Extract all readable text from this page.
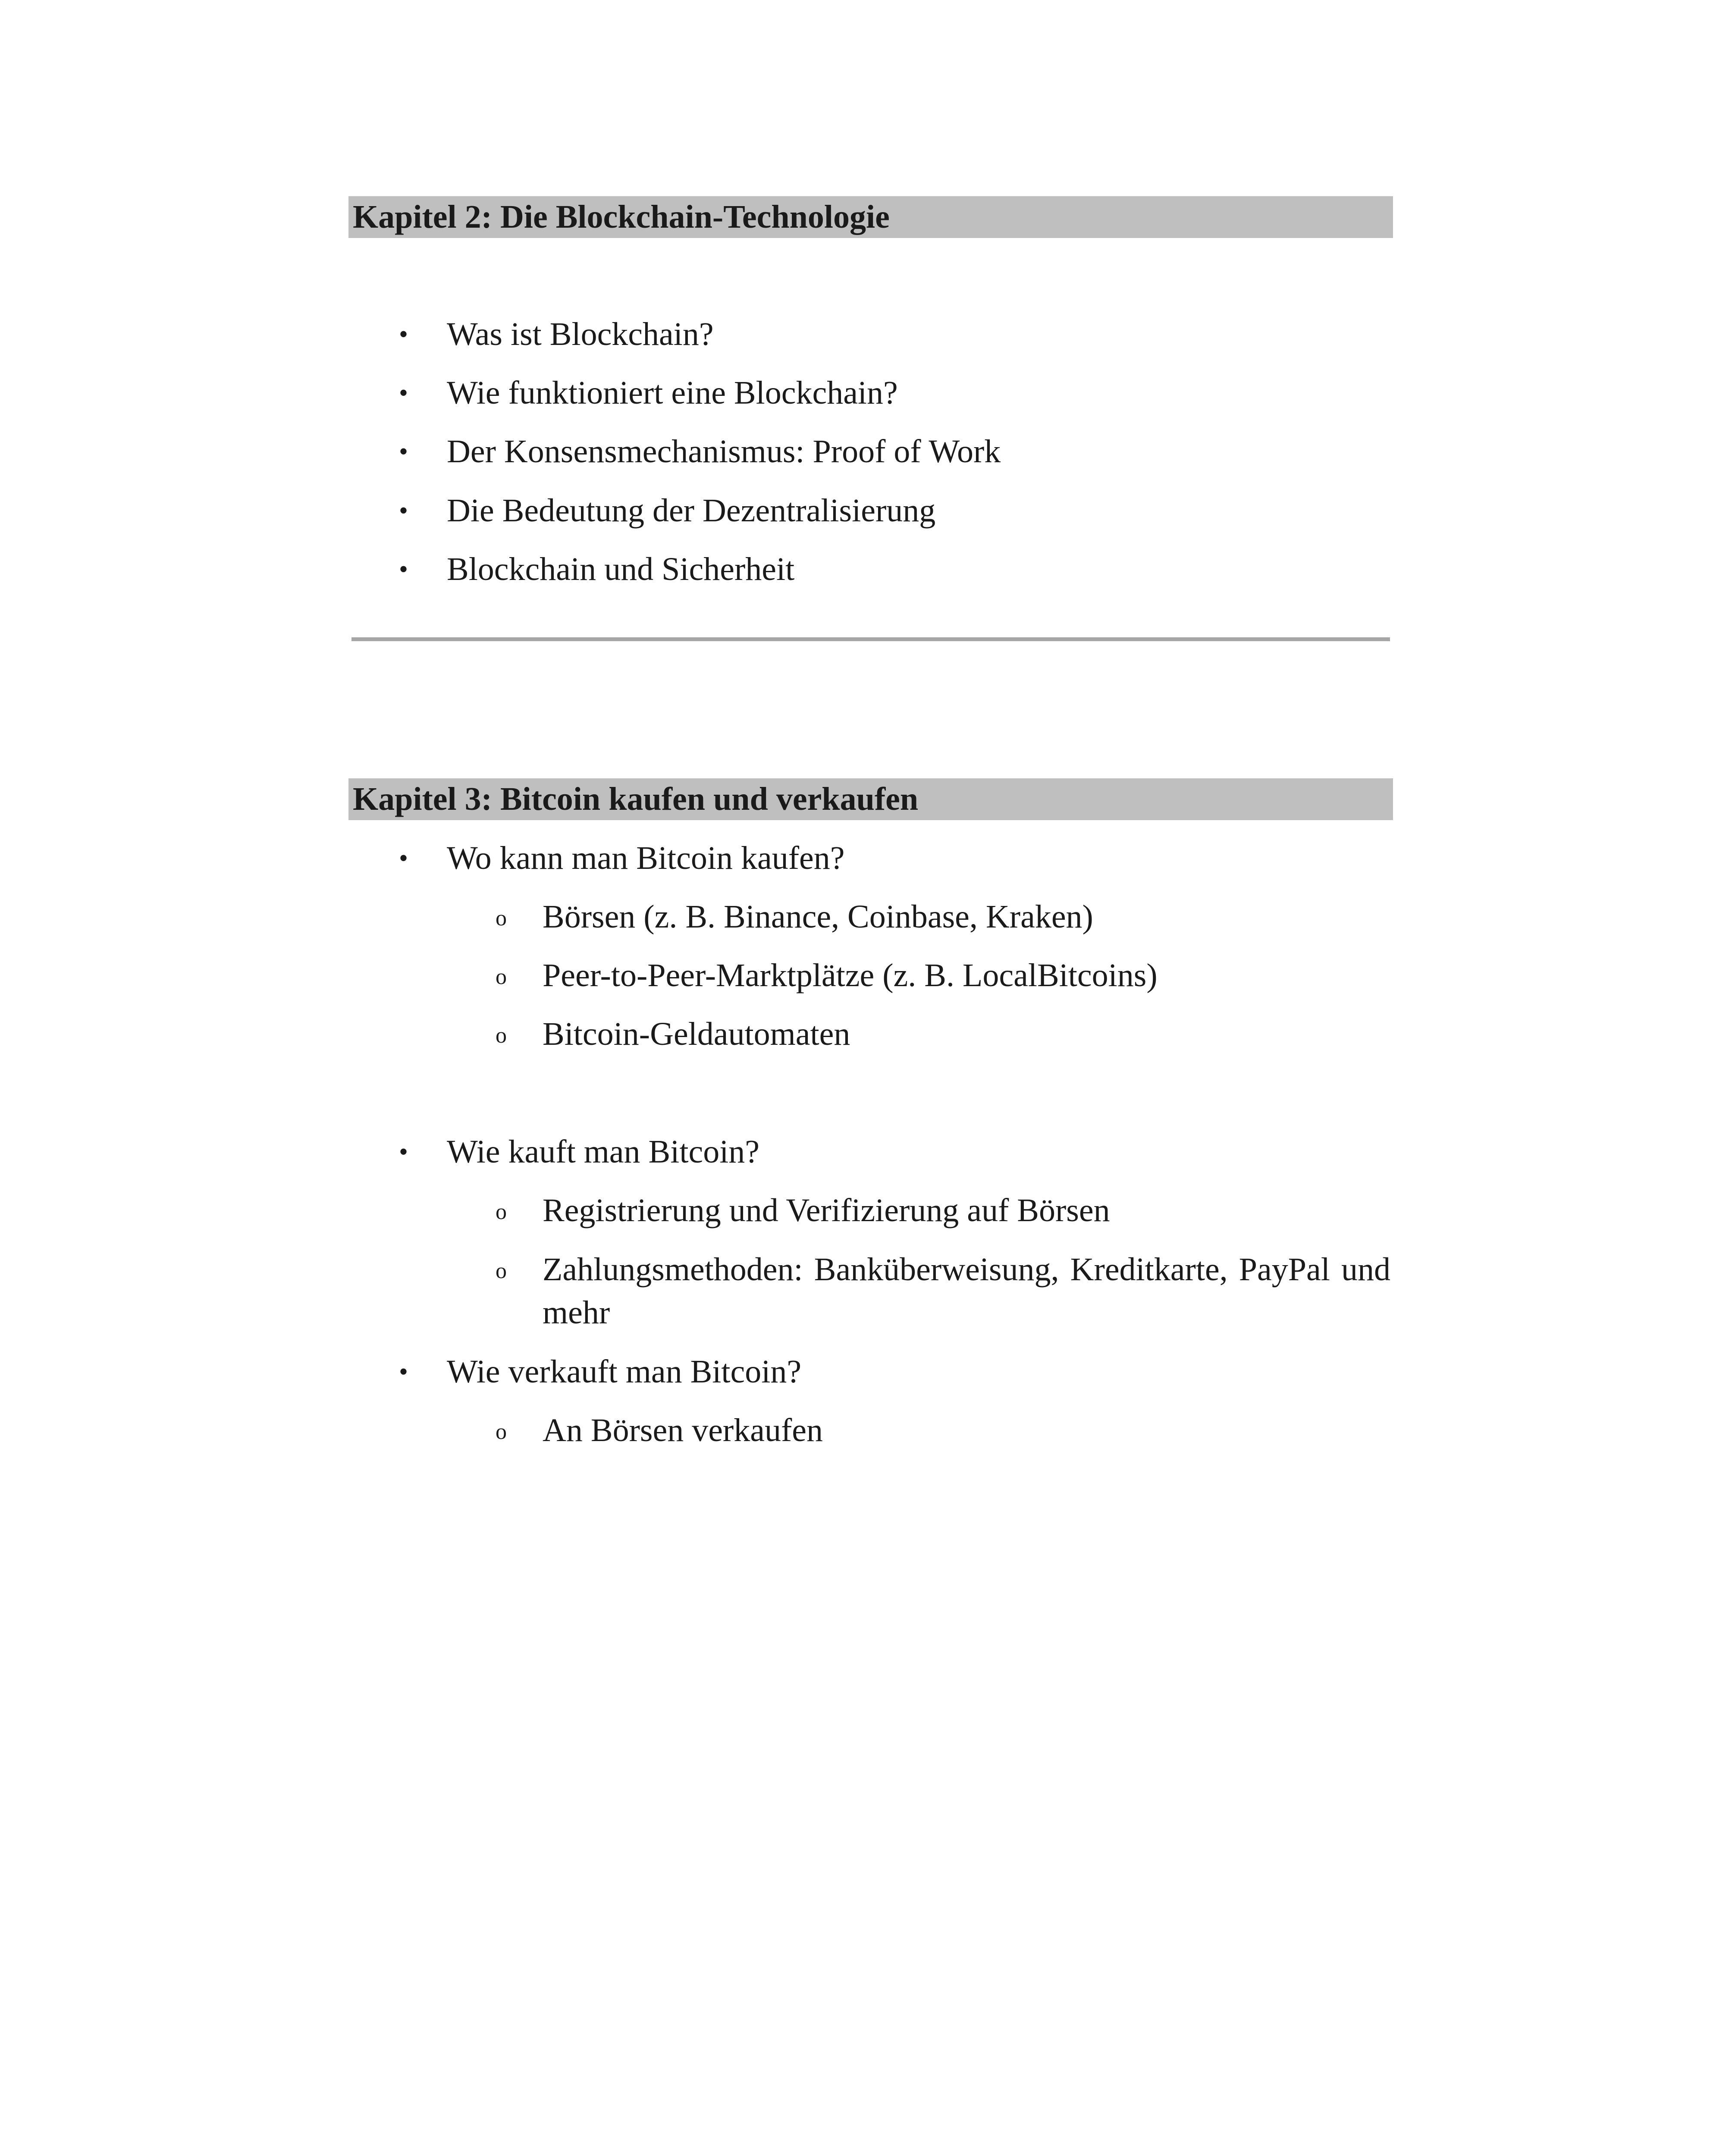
Kapitel 2: Die Blockchain-Technologie
• Was ist Blockchain?
• Wie funktioniert eine Blockchain?
• Der Konsensmechanismus: Proof of Work
• Die Bedeutung der Dezentralisierung
• Blockchain und Sicherheit
Kapitel 3: Bitcoin kaufen und verkaufen
• Wo kann man Bitcoin kaufen?
o Börsen (z. B. Binance, Coinbase, Kraken)
o Peer-to-Peer-Marktplätze (z. B. LocalBitcoins)
o Bitcoin-Geldautomaten
• Wie kauft man Bitcoin?
o Registrierung und Verifizierung auf Börsen
o Zahlungsmethoden: Banküberweisung, Kreditkarte, PayPal und mehr
• Wie verkauft man Bitcoin?
o An Börsen verkaufen
